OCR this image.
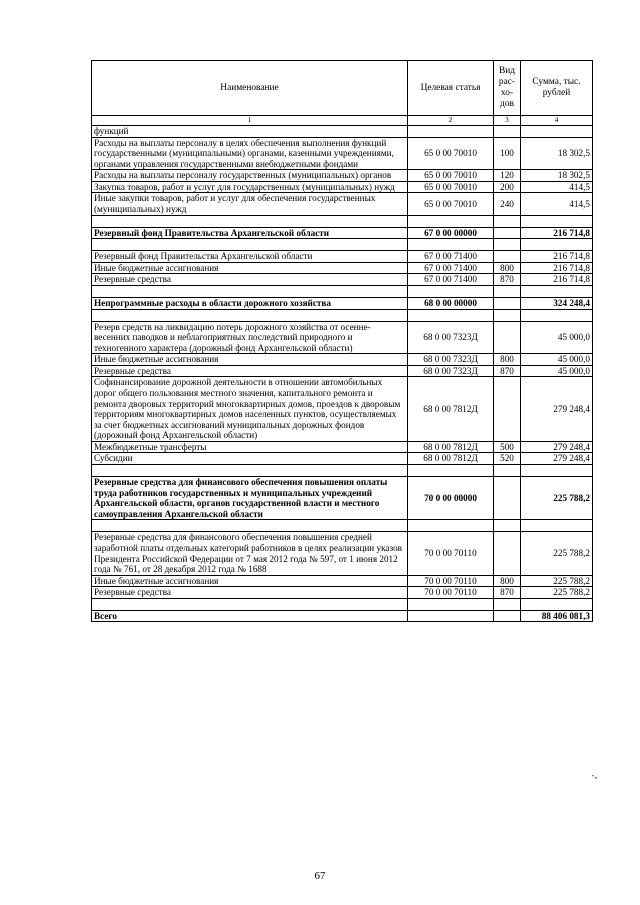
Наименование	Целевая статья	Вид рас- хо- дов	Сумма, тыс. рублей
1	2	3	4
функций			
Расходы на выплаты персоналу в целях обеспечения выполнения функций государственными (муниципальными) органами, казенными учреждениями, органами управления государственными внебюджетными фондами	65 0 00 70010	100	18 302,5
Расходы на выплаты персоналу государственных (муниципальных) органов	65 0 00 70010	120	18 302,5
Закупка товаров, работ и услуг для государственных (муниципальных) нужд	65 0 00 70010	200	414,5
Иные закупки товаров, работ и услуг для обеспечения государственных (муниципальных) нужд	65 0 00 70010	240	414,5

Резервный фонд Правительства Архангельской области	67 0 00 00000		216 714,8

Резервный фонд Правительства Архангельской области	67 0 00 71400		216 714,8
Иные бюджетные ассигнования	67 0 00 71400	800	216 714,8
Резервные средства	67 0 00 71400	870	216 714,8

Непрограммные расходы в области дорожного хозяйства	68 0 00 00000		324 248,4

Резерв средств на ликвидацию потерь дорожного хозяйства от осенне-весенних паводков и неблагоприятных последствий природного и техногенного характера (дорожный фонд Архангельской области)	68 0 00 7323Д		45 000,0
Иные бюджетные ассигнования	68 0 00 7323Д	800	45 000,0
Резервные средства	68 0 00 7323Д	870	45 000,0
Софинансирование дорожной деятельности в отношении автомобильных дорог общего пользования местного значения, капитального ремонта и ремонта дворовых территорий многоквартирных домов, проездов к дворовым территориям многоквартирных домов населенных пунктов, осуществляемых за счет бюджетных ассигнований муниципальных дорожных фондов (дорожный фонд Архангельской области)	68 0 00 7812Д		279 248,4
Межбюджетные трансферты	68 0 00 7812Д	500	279 248,4
Субсидии	68 0 00 7812Д	520	279 248,4

Резервные средства для финансового обеспечения повышения оплаты труда работников государственных и муниципальных учреждений Архангельской области, органов государственной власти и местного самоуправления Архангельской области	70 0 00 00000		225 788,2

Резервные средства для финансового обеспечения повышения средней заработной платы отдельных категорий работников в целях реализации указов Президента Российской Федерации от 7 мая 2012 года № 597, от 1 июня 2012 года № 761, от 28 декабря 2012 года № 1688	70 0 00 70110		225 788,2
Иные бюджетные ассигнования	70 0 00 70110	800	225 788,2
Резервные средства	70 0 00 70110	870	225 788,2

Всего			88 406 081,3
"»
67
